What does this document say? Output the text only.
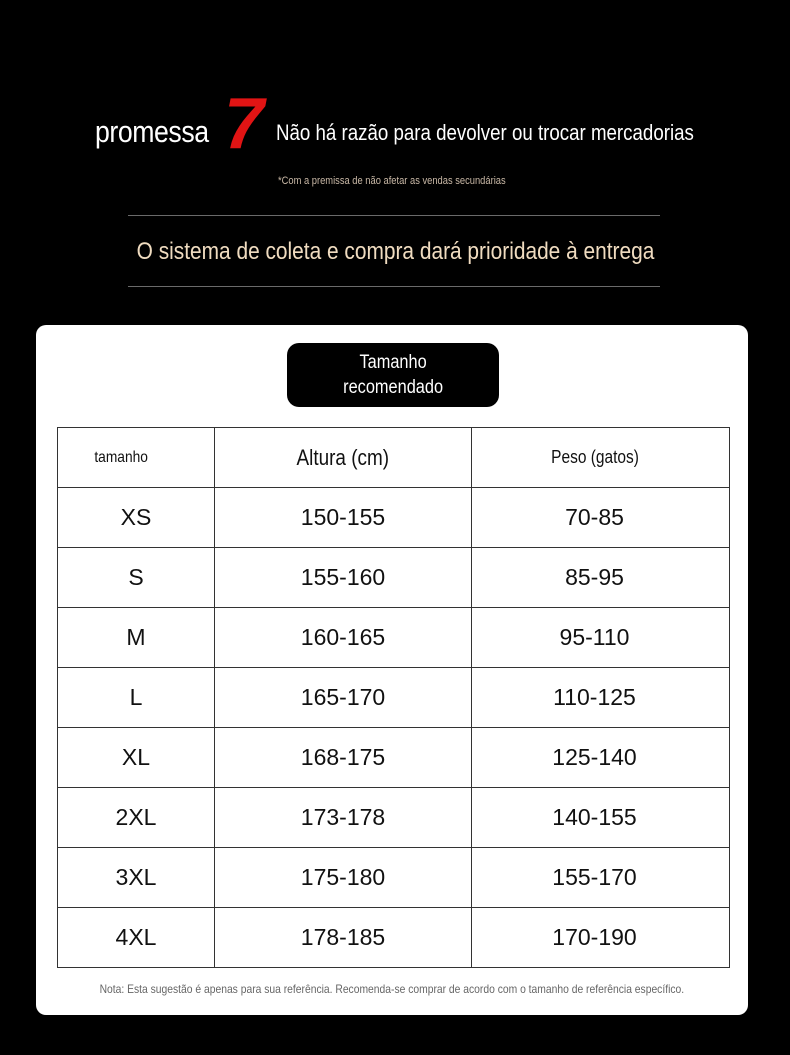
promessa 7 Não há razão para devolver ou trocar mercadorias
*Com a premissa de não afetar as vendas secundárias
O sistema de coleta e compra dará prioridade à entrega
Tamanho
recomendado
tamanho	Altura (cm)	Peso (gatos)
XS	150-155	70-85
S	155-160	85-95
M	160-165	95-110
L	165-170	110-125
XL	168-175	125-140
2XL	173-178	140-155
3XL	175-180	155-170
4XL	178-185	170-190
Nota: Esta sugestão é apenas para sua referência. Recomenda-se comprar de acordo com o tamanho de referência específico.
